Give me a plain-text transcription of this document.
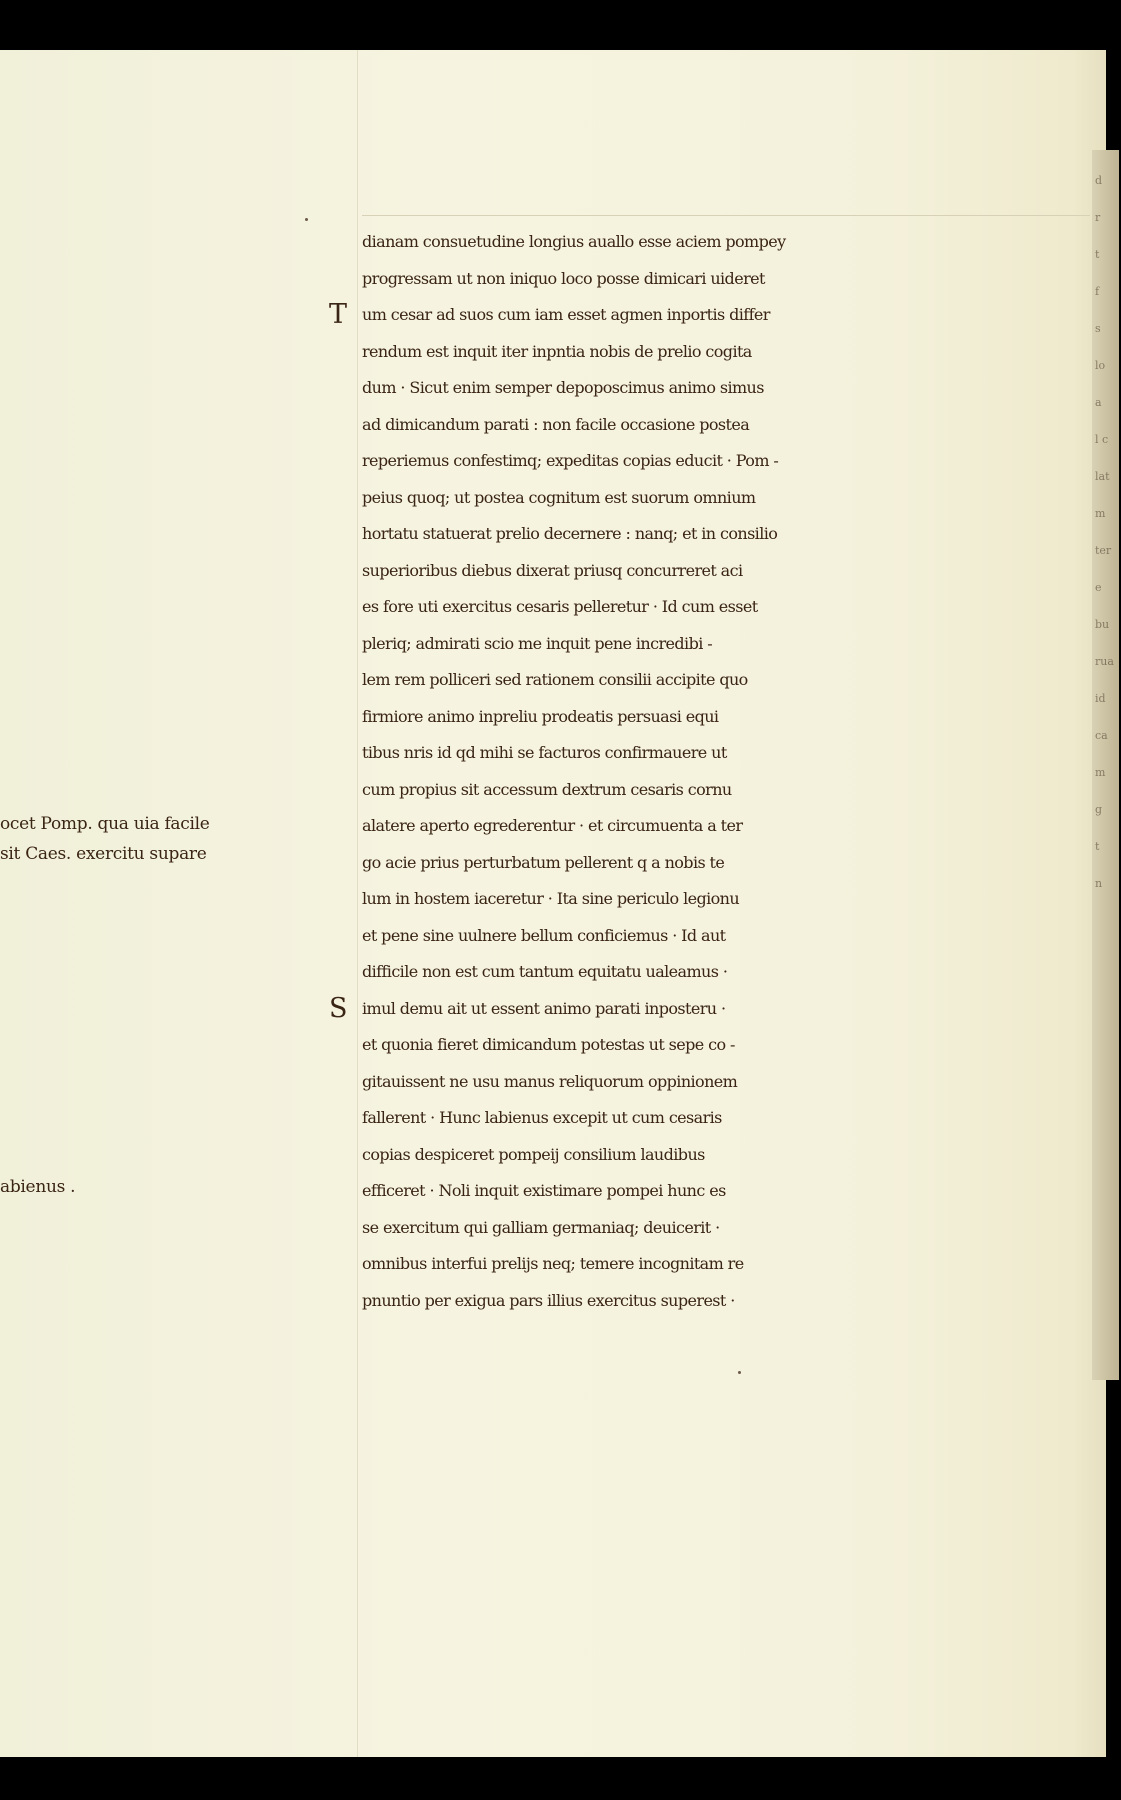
d
r
t
f
s
lo
a
l c
lat
m
ter
e
bu
rua
id
ca
m
g
t
n
ocet Pomp. qua uia facile
sit Caes. exercitu supare
abienus .
dianam consuetudine longius auallo esse aciem pompey
progressam ut non iniquo loco posse dimicari uideret
T um cesar ad suos cum iam esset agmen inportis differ
rendum est inquit iter inpntia nobis de prelio cogita
dum · Sicut enim semper depoposcimus animo simus
ad dimicandum parati : non facile occasione postea
reperiemus confestimq; expeditas copias educit · Pom -
peius quoq; ut postea cognitum est suorum omnium
hortatu statuerat prelio decernere : nanq; et in consilio
superioribus diebus dixerat priusq concurreret aci
es fore uti exercitus cesaris pelleretur · Id cum esset
pleriq; admirati scio me inquit pene incredibi -
lem rem polliceri sed rationem consilii accipite quo
firmiore animo inpreliu prodeatis persuasi equi
tibus nris id qd mihi se facturos confirmauere ut
cum propius sit accessum dextrum cesaris cornu
alatere aperto egrederentur · et circumuenta a ter
go acie prius perturbatum pellerent q a nobis te
lum in hostem iaceretur · Ita sine periculo legionu
et pene sine uulnere bellum conficiemus · Id aut
difficile non est cum tantum equitatu ualeamus ·
S imul demu ait ut essent animo parati inposteru ·
et quonia fieret dimicandum potestas ut sepe co -
gitauissent ne usu manus reliquorum oppinionem
fallerent · Hunc labienus excepit ut cum cesaris
copias despiceret pompeij consilium laudibus
efficeret · Noli inquit existimare pompei hunc es
se exercitum qui galliam germaniaq; deuicerit ·
omnibus interfui prelijs neq; temere incognitam re
pnuntio per exigua pars illius exercitus superest ·
